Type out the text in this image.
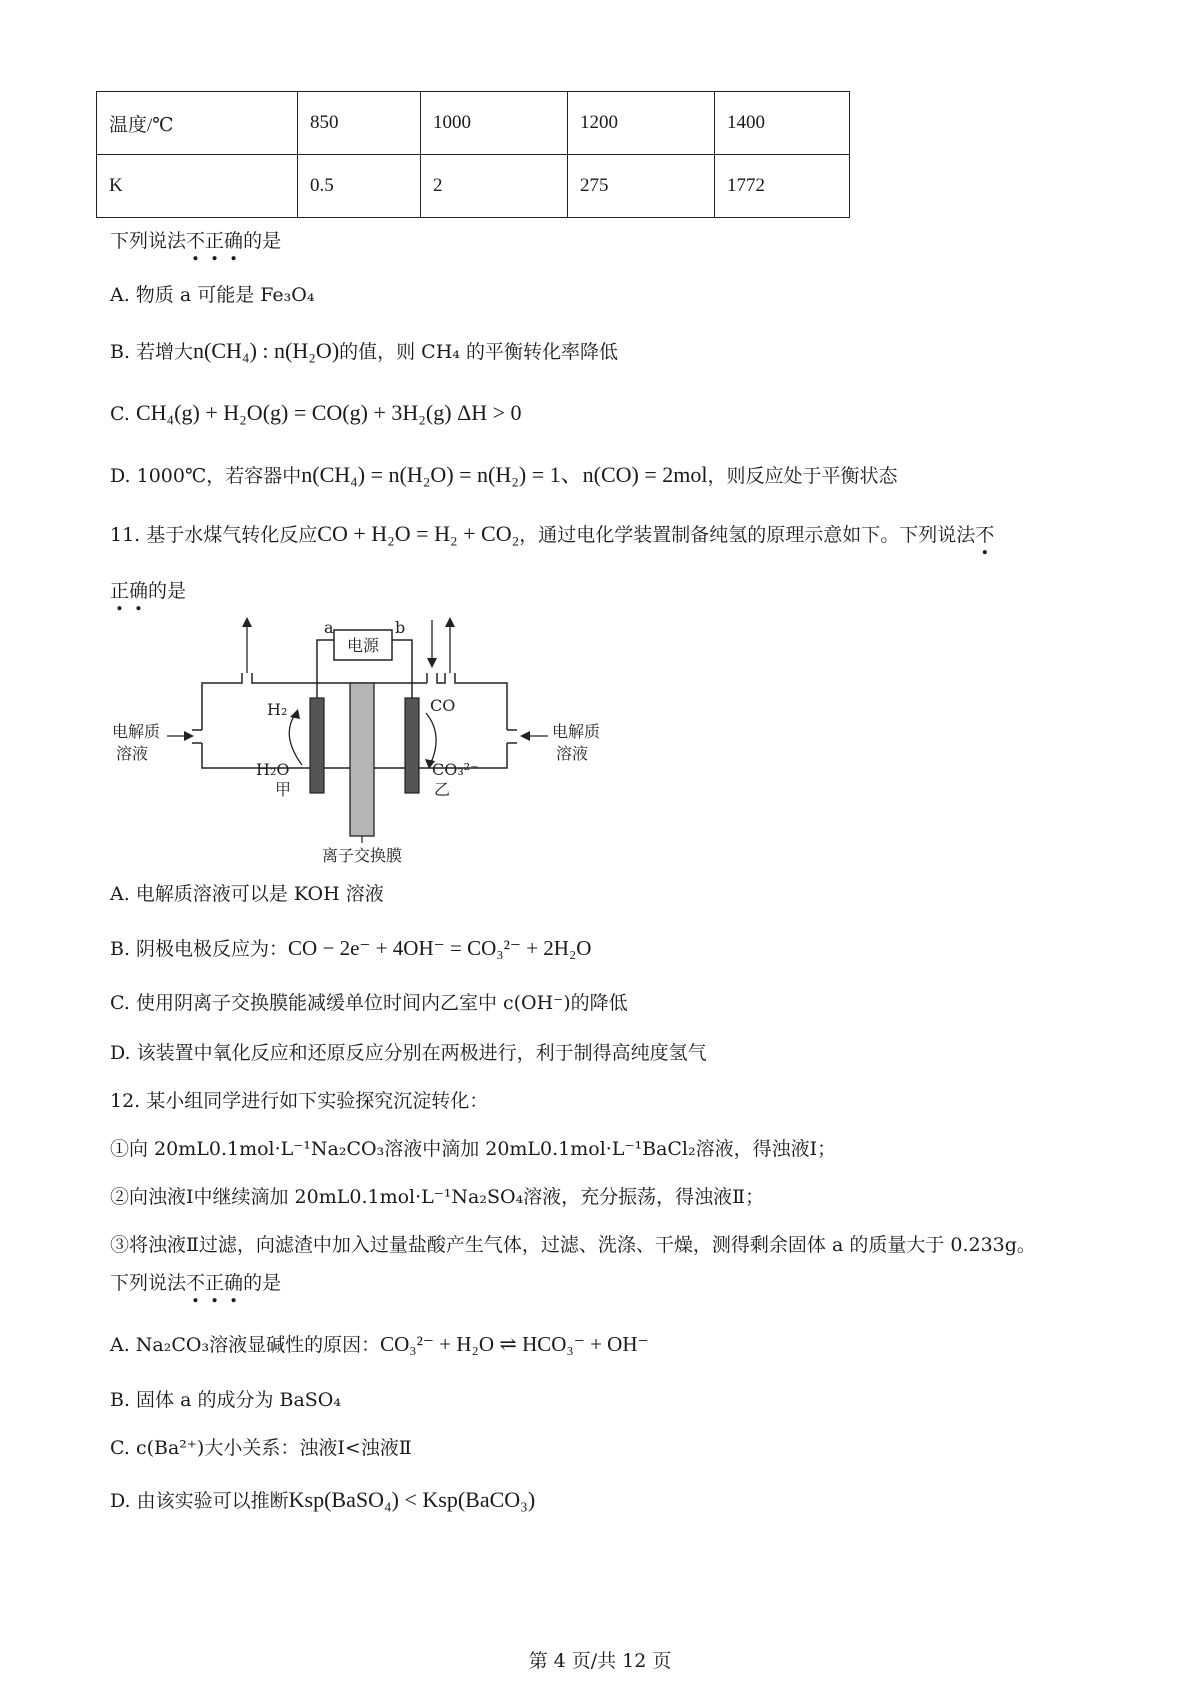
温度/℃	850	1000	1200	1400
K	0.5	2	275	1772
下列说法不正确的是
A. 物质 a 可能是 Fe₃O₄
B. 若增大n(CH₄) : n(H₂O)的值，则 CH₄ 的平衡转化率降低
C. CH₄(g) + H₂O(g) = CO(g) + 3H₂(g) ΔH > 0
D. 1000℃，若容器中n(CH₄) = n(H₂O) = n(H₂) = 1、n(CO) = 2mol，则反应处于平衡状态
11. 基于水煤气转化反应CO + H₂O = H₂ + CO₂，通过电化学装置制备纯氢的原理示意如下。下列说法不
正确的是
电源
a	b
H₂
H₂O
CO
CO₃²⁻
甲	乙
电解质
溶液
电解质
溶液
离子交换膜
A. 电解质溶液可以是 KOH 溶液
B. 阴极电极反应为：CO − 2e⁻ + 4OH⁻ = CO₃²⁻ + 2H₂O
C. 使用阴离子交换膜能减缓单位时间内乙室中 c(OH⁻)的降低
D. 该装置中氧化反应和还原反应分别在两极进行，利于制得高纯度氢气
12. 某小组同学进行如下实验探究沉淀转化：
①向 20mL0.1mol·L⁻¹Na₂CO₃溶液中滴加 20mL0.1mol·L⁻¹BaCl₂溶液，得浊液Ⅰ；
②向浊液Ⅰ中继续滴加 20mL0.1mol·L⁻¹Na₂SO₄溶液，充分振荡，得浊液Ⅱ；
③将浊液Ⅱ过滤，向滤渣中加入过量盐酸产生气体，过滤、洗涤、干燥，测得剩余固体 a 的质量大于 0.233g。
下列说法不正确的是
A. Na₂CO₃溶液显碱性的原因：CO₃²⁻ + H₂O ⇌ HCO₃⁻ + OH⁻
B. 固体 a 的成分为 BaSO₄
C. c(Ba²⁺)大小关系：浊液Ⅰ<浊液Ⅱ
D. 由该实验可以推断Ksp(BaSO₄) < Ksp(BaCO₃)
第 4 页/共 12 页
